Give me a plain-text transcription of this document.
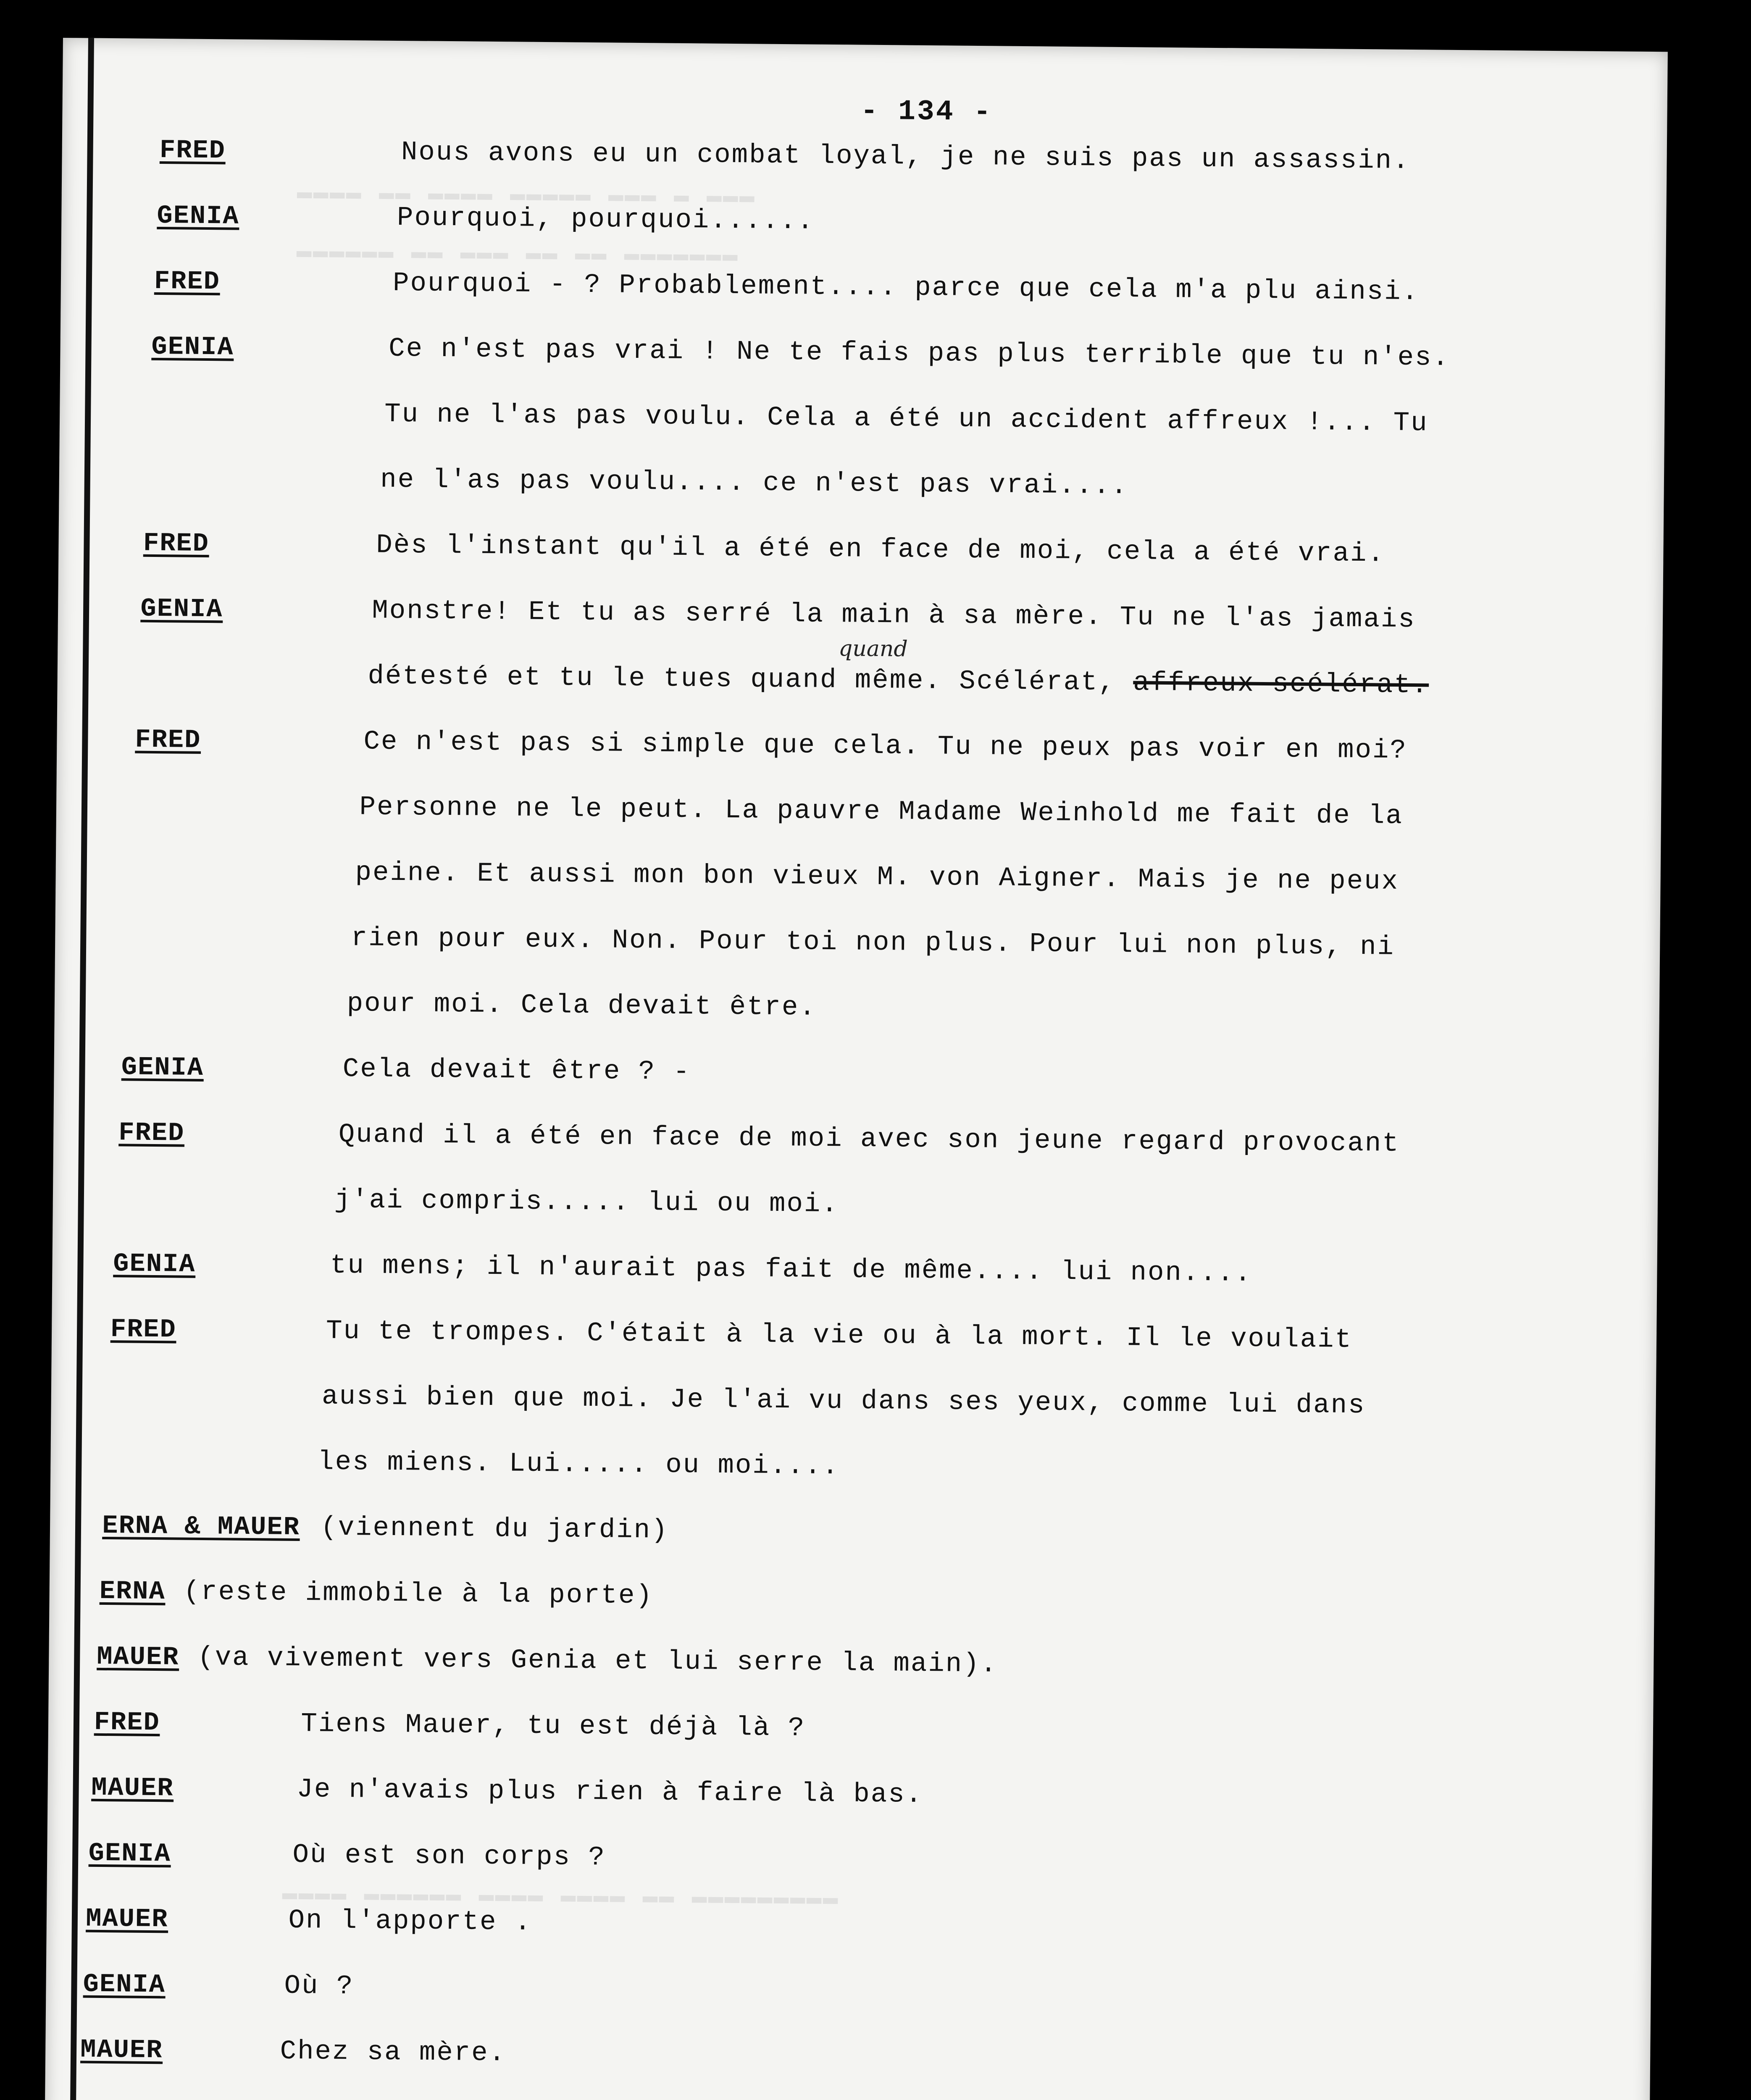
▬▬▬▬ ▬▬ ▬▬▬▬ ▬▬▬▬▬ ▬▬▬ ▬ ▬▬▬
▬▬▬▬▬▬ ▬▬ ▬▬▬ ▬▬ ▬▬ ▬▬▬▬▬▬▬
▬▬▬▬ ▬▬▬▬▬▬ ▬▬▬▬ ▬▬▬▬ ▬▬ ▬▬▬▬▬▬▬▬▬
- 134 -
FRED	Nous avons eu un combat loyal, je ne suis pas un assassin.
GENIA	Pourquoi, pourquoi......
FRED	Pourquoi - ? Probablement.... parce que cela m'a plu ainsi.
GENIA	Ce n'est pas vrai ! Ne te fais pas plus terrible que tu n'es.
Tu ne l'as pas voulu. Cela a été un accident affreux !... Tu
ne l'as pas voulu.... ce n'est pas vrai....
FRED	Dès l'instant qu'il a été en face de moi, cela a été vrai.
GENIA	Monstre! Et tu as serré la main à sa mère. Tu ne l'as jamais
quand
détesté et tu le tues quand même. Scélérat, affreux scélérat.
FRED	Ce n'est pas si simple que cela. Tu ne peux pas voir en moi?
Personne ne le peut. La pauvre Madame Weinhold me fait de la
peine. Et aussi mon bon vieux M. von Aigner. Mais je ne peux
rien pour eux. Non. Pour toi non plus. Pour lui non plus, ni
pour moi. Cela devait être.
GENIA	Cela devait être ? -
FRED	Quand il a été en face de moi avec son jeune regard provocant
j'ai compris..... lui ou moi.
GENIA	tu mens; il n'aurait pas fait de même.... lui non....
FRED	Tu te trompes. C'était à la vie ou à la mort. Il le voulait
aussi bien que moi. Je l'ai vu dans ses yeux, comme lui dans
les miens. Lui..... ou moi....
ERNA & MAUER (viennent du jardin)
ERNA (reste immobile à la porte)
MAUER (va vivement vers Genia et lui serre la main).
FRED	Tiens Mauer, tu est déjà là ?
MAUER	Je n'avais plus rien à faire là bas.
GENIA	Où est son corps ?
MAUER	On l'apporte .
GENIA	Où ?
MAUER	Chez sa mère.
